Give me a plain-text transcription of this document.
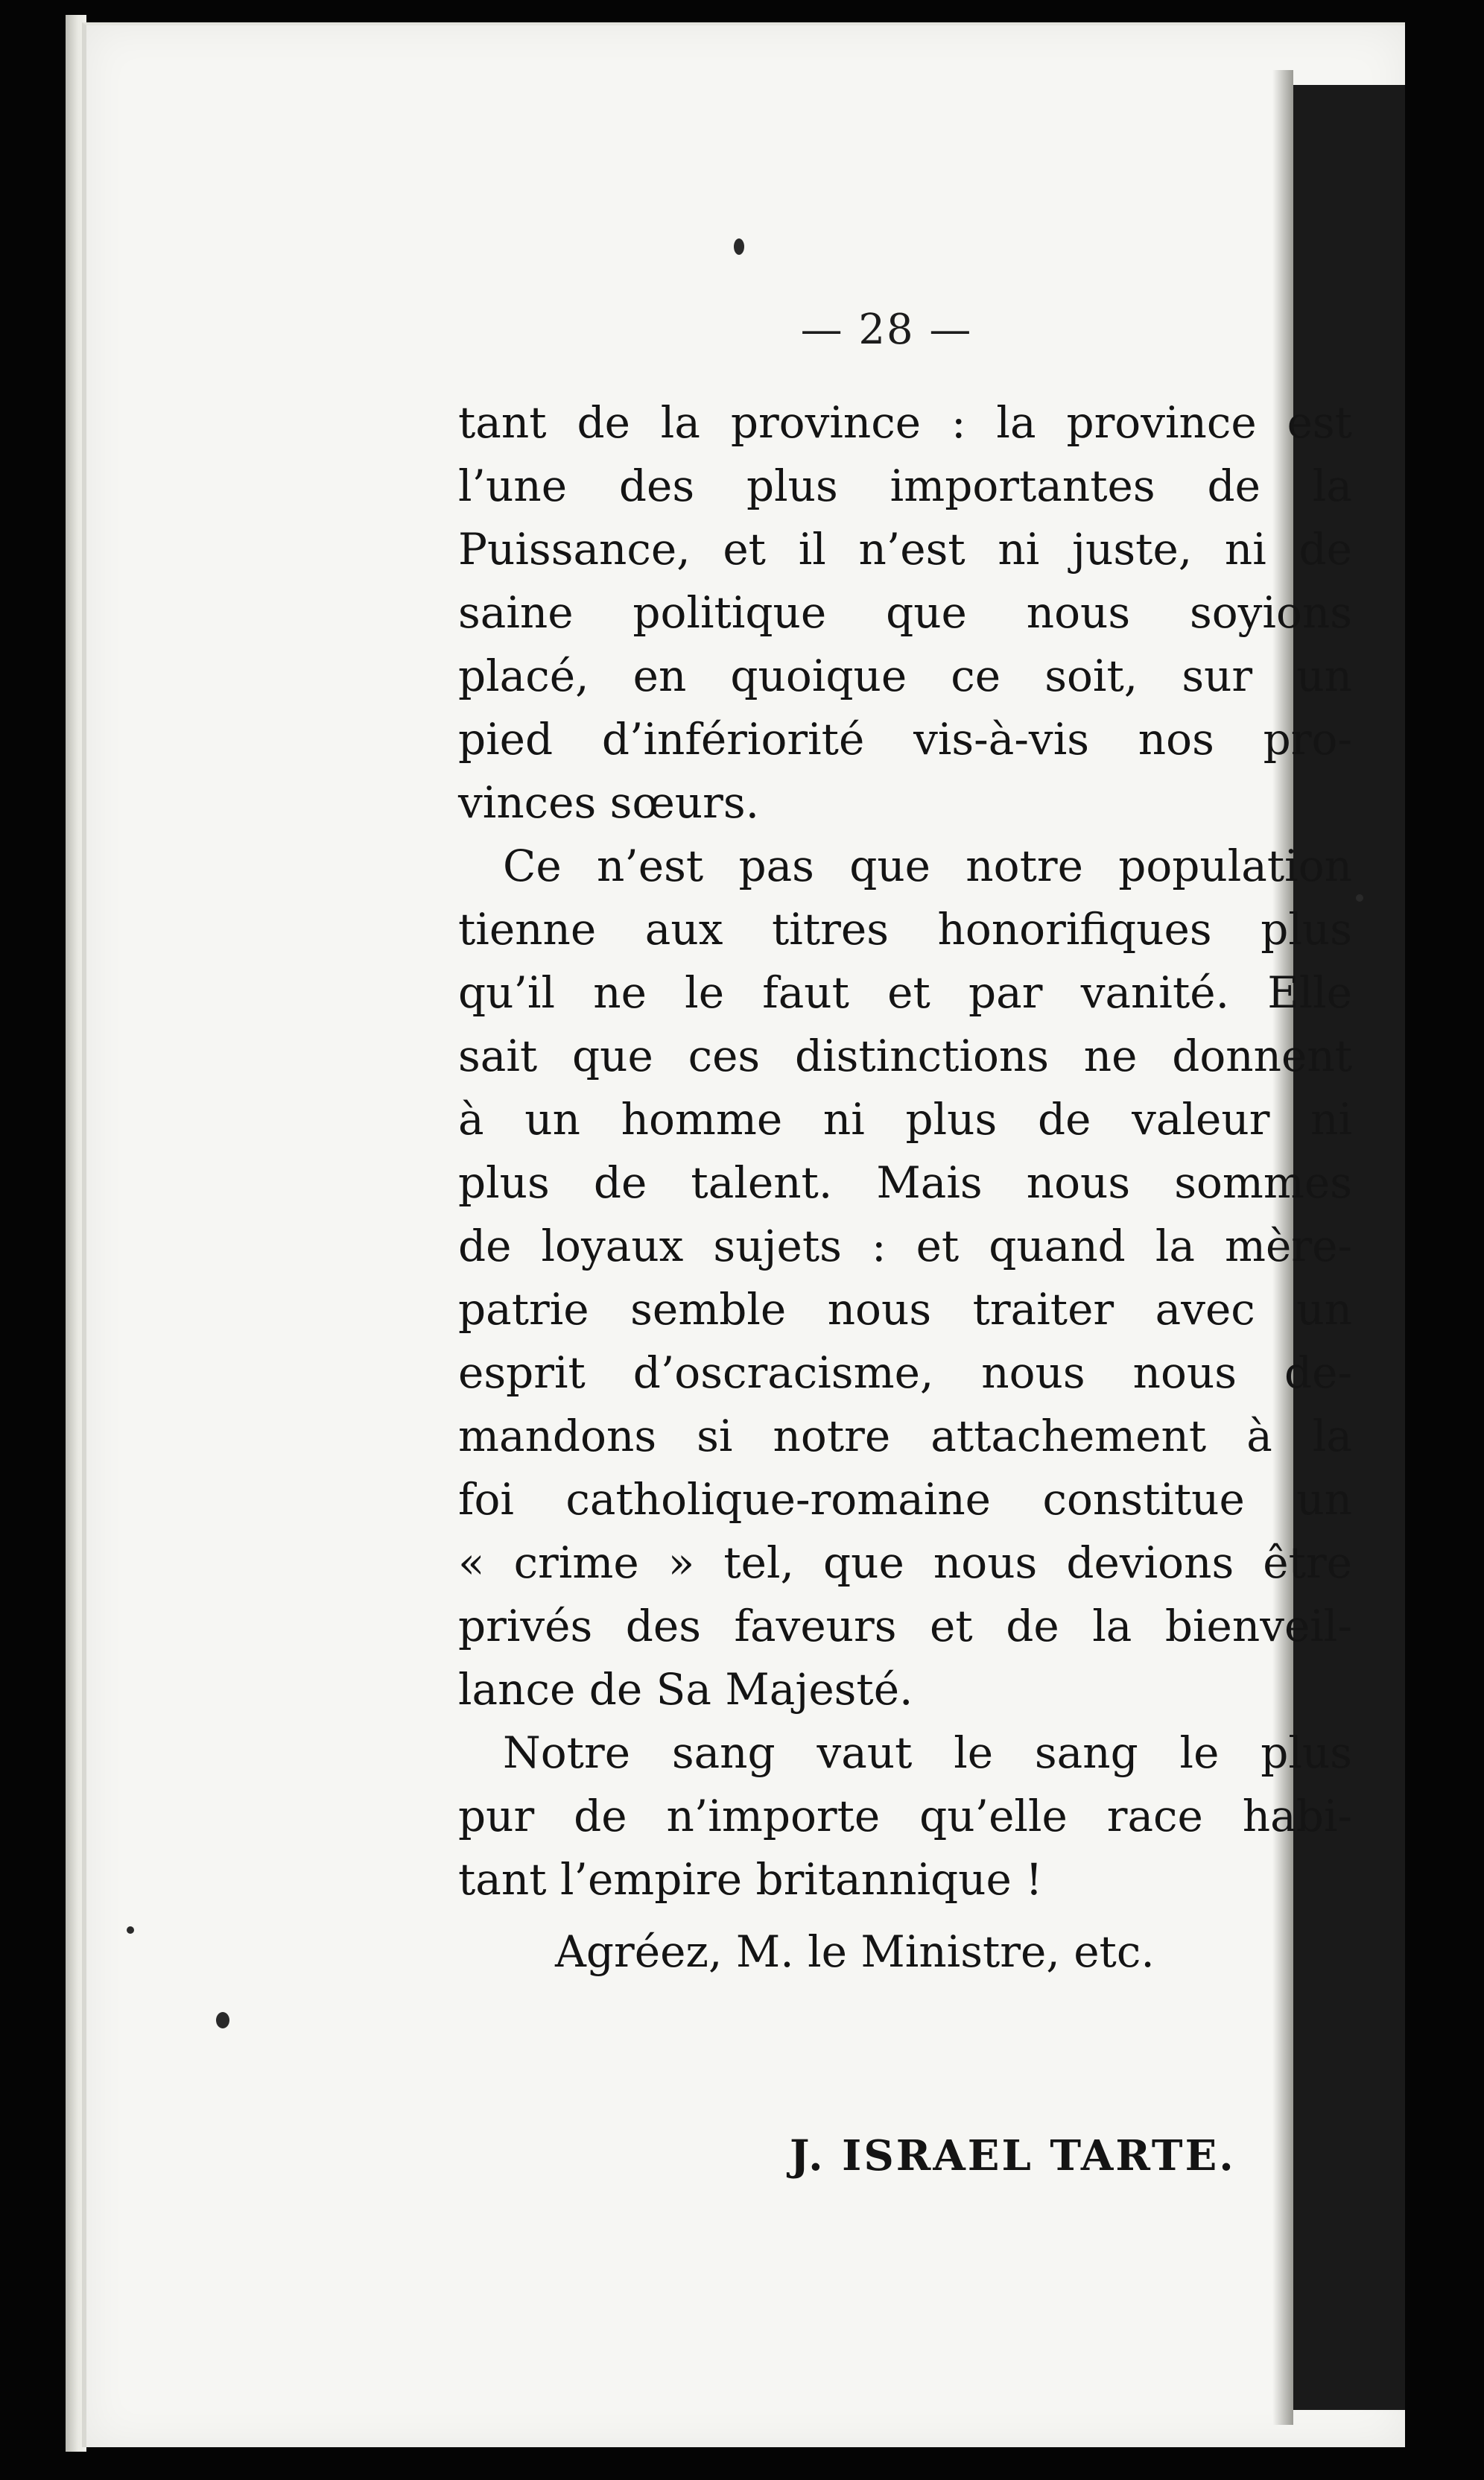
— 28 —
tant de la province : la province est
l’une des plus importantes de la
Puissance, et il n’est ni juste, ni de
saine politique que nous soyions
placé, en quoique ce soit, sur un
pied d’infériorité vis-à-vis nos pro-
vinces sœurs.
Ce n’est pas que notre population
tienne aux titres honorifiques plus
qu’il ne le faut et par vanité. Elle
sait que ces distinctions ne donnent
à un homme ni plus de valeur ni
plus de talent. Mais nous sommes
de loyaux sujets : et quand la mère-
patrie semble nous traiter avec un
esprit d’oscracisme, nous nous de-
mandons si notre attachement à la
foi catholique-romaine constitue un
« crime » tel, que nous devions être
privés des faveurs et de la bienveil-
lance de Sa Majesté.
Notre sang vaut le sang le plus
pur de n’importe qu’elle race habi-
tant l’empire britannique !
Agréez, M. le Ministre, etc.
J. ISRAEL TARTE.
